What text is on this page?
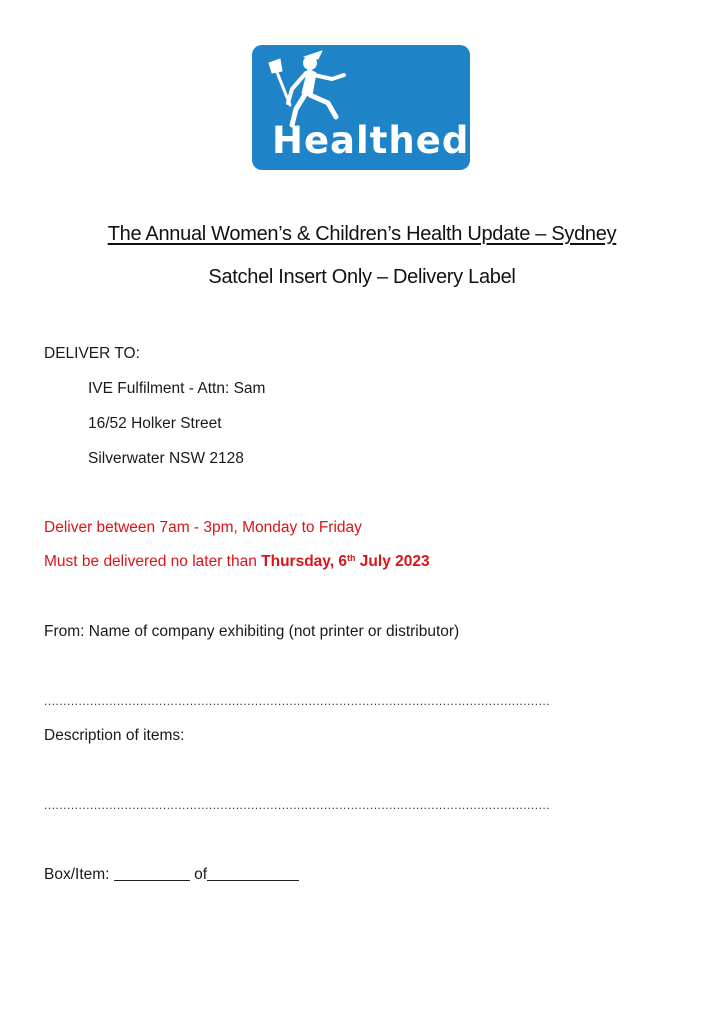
Healthed
The Annual Women’s & Children’s Health Update – Sydney
Satchel Insert Only – Delivery Label
DELIVER TO:
IVE Fulfilment - Attn: Sam
16/52 Holker Street
Silverwater NSW 2128
Deliver between 7am - 3pm, Monday to Friday
Must be delivered no later than Thursday, 6th July 2023
From: Name of company exhibiting (not printer or distributor)
....................................................................................................................................
Description of items:
....................................................................................................................................
Box/Item:	of
